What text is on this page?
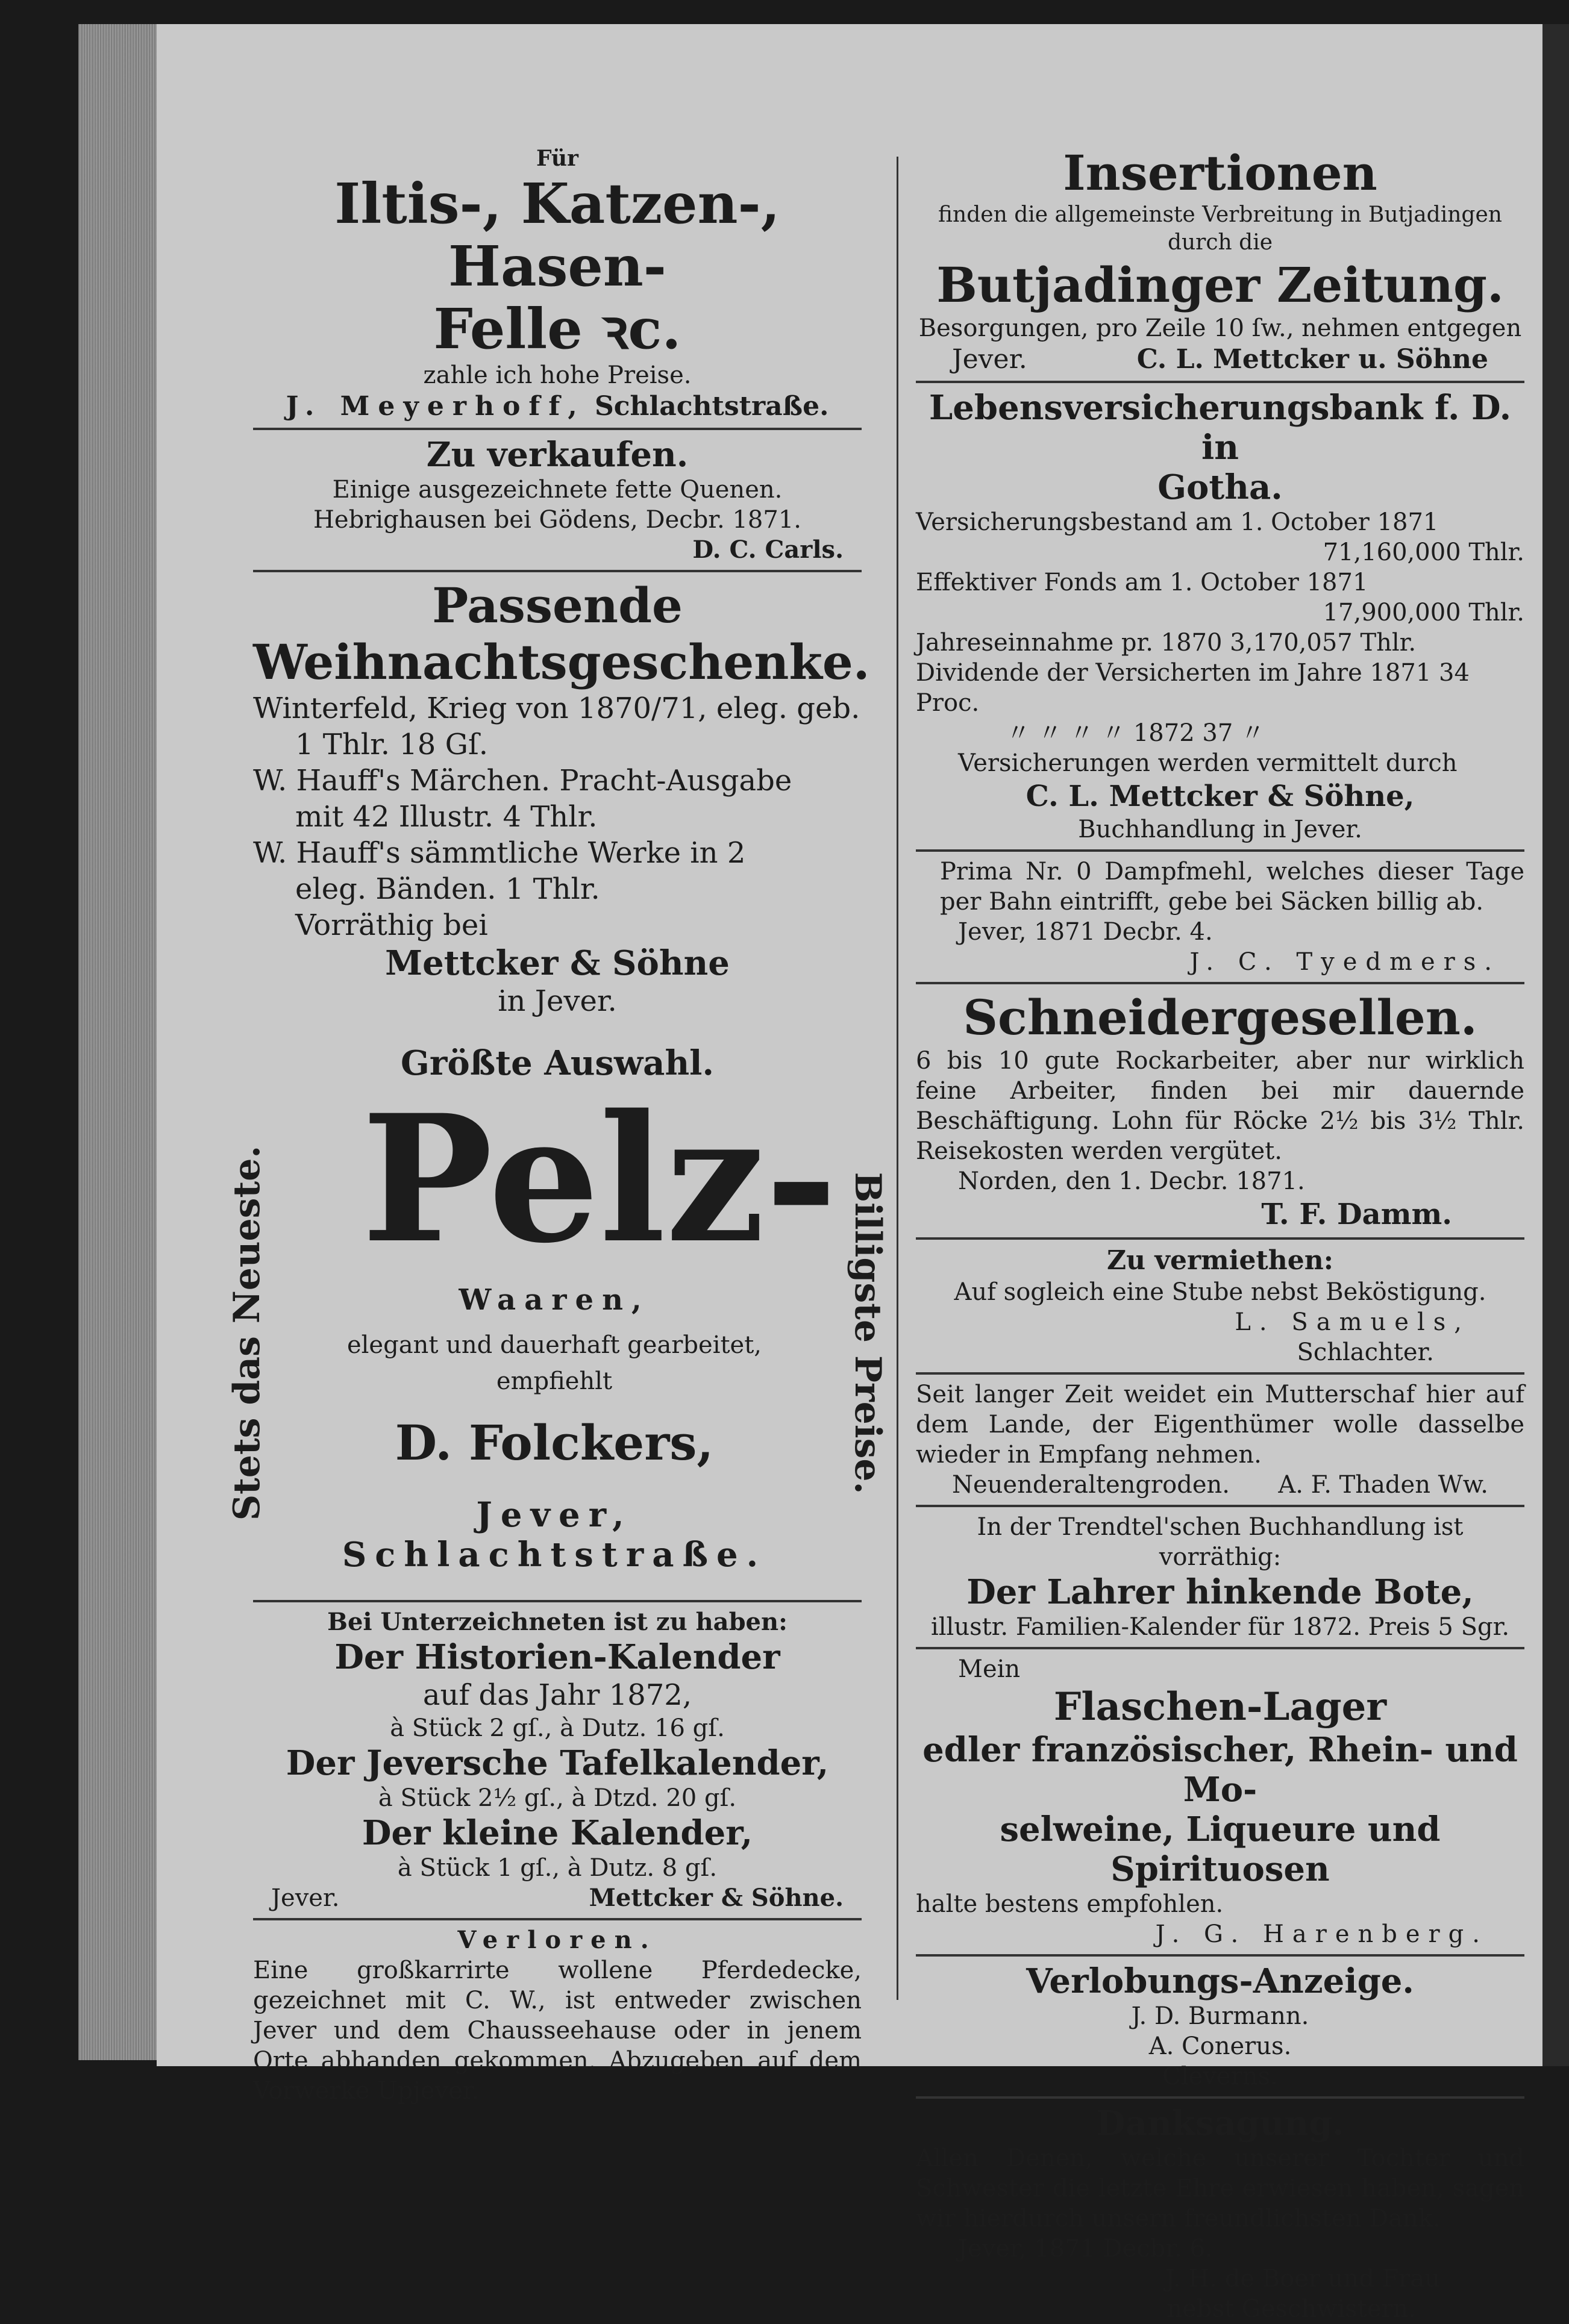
Für
Iltis-, Katzen-, Hasen-
Felle ꝛc.
zahle ich hohe Preise.
J. Meyerhoff, Schlachtstraße.
Zu verkaufen.
Einige ausgezeichnete fette Quenen.
Hebrighausen bei Gödens, Decbr. 1871.
D. C. Carls.
Passende
Weihnachtsgeschenke.
Winterfeld, Krieg von 1870/71, eleg. geb.
1 Thlr. 18 Gſ.
W. Hauff's Märchen. Pracht-Ausgabe
mit 42 Illustr. 4 Thlr.
W. Hauff's sämmtliche Werke in 2
eleg. Bänden. 1 Thlr.
Vorräthig bei
Mettcker & Söhne
in Jever.
Größte Auswahl.
Pelz-
Stets das Neueste.	Billigste Preise.
Waaren,
elegant und dauerhaft gearbeitet,
empfiehlt
D. Folckers,
Jever, Schlachtstraße.
Bei Unterzeichneten ist zu haben:
Der Historien-Kalender
auf das Jahr 1872,
à Stück 2 gſ., à Dutz. 16 gſ.
Der Jeversche Tafelkalender,
à Stück 2½ gſ., à Dtzd. 20 gſ.
Der kleine Kalender,
à Stück 1 gſ., à Dutz. 8 gſ.
Jever.	Mettcker & Söhne.
Verloren.
Eine großkarrirte wollene Pferdedecke, gezeichnet mit C. W., ist entweder zwischen Jever und dem Chausseehause oder in jenem Orte abhanden gekommen. Abzugeben auf dem Vorwerke Upjever.
Insertionen
finden die allgemeinste Verbreitung in Butjadingen
durch die
Butjadinger Zeitung.
Besorgungen, pro Zeile 10 ſw., nehmen entgegen
Jever.	C. L. Mettcker u. Söhne
Lebensversicherungsbank f. D. in
Gotha.
Versicherungsbestand am 1. October 1871
71,160,000 Thlr.
Effektiver Fonds am 1. October 1871
17,900,000 Thlr.
Jahreseinnahme pr. 1870 3,170,057 Thlr.
Dividende der Versicherten im Jahre 1871 34 Proc.
〃 〃 〃 〃 1872 37 〃
Versicherungen werden vermittelt durch
C. L. Mettcker & Söhne,
Buchhandlung in Jever.
Prima Nr. 0 Dampfmehl, welches dieser Tage per Bahn eintrifft, gebe bei Säcken billig ab.
Jever, 1871 Decbr. 4.
J. C. Tyedmers.
Schneidergesellen.
6 bis 10 gute Rockarbeiter, aber nur wirklich feine Arbeiter, finden bei mir dauernde Beschäftigung. Lohn für Röcke 2½ bis 3½ Thlr. Reisekosten werden vergütet.
Norden, den 1. Decbr. 1871.
T. F. Damm.
Zu vermiethen:
Auf sogleich eine Stube nebst Beköstigung.
L. Samuels,
Schlachter.
Seit langer Zeit weidet ein Mutterschaf hier auf dem Lande, der Eigenthümer wolle dasselbe wieder in Empfang nehmen.
Neuenderaltengroden. A. F. Thaden Ww.
In der Trendtel'schen Buchhandlung ist vorräthig:
Der Lahrer hinkende Bote,
illustr. Familien-Kalender für 1872. Preis 5 Sgr.
Mein
Flaschen-Lager
edler französischer, Rhein- und Mo-
selweine, Liqueure und Spirituosen
halte bestens empfohlen.
J. G. Harenberg.
Verlobungs-Anzeige.
J. D. Burmann.
A. Conerus.
Cleverns.
Danksagung.
Allen Denen, welche unserer Tochter und Schwester die letzte Ehre erwiesen haben, sagen wir hierdurch unsern freundlichsten Dank.
Jever, 1871 Decbr. 6.
J. H. de Boer und Frau
nebst Geschwistern.
